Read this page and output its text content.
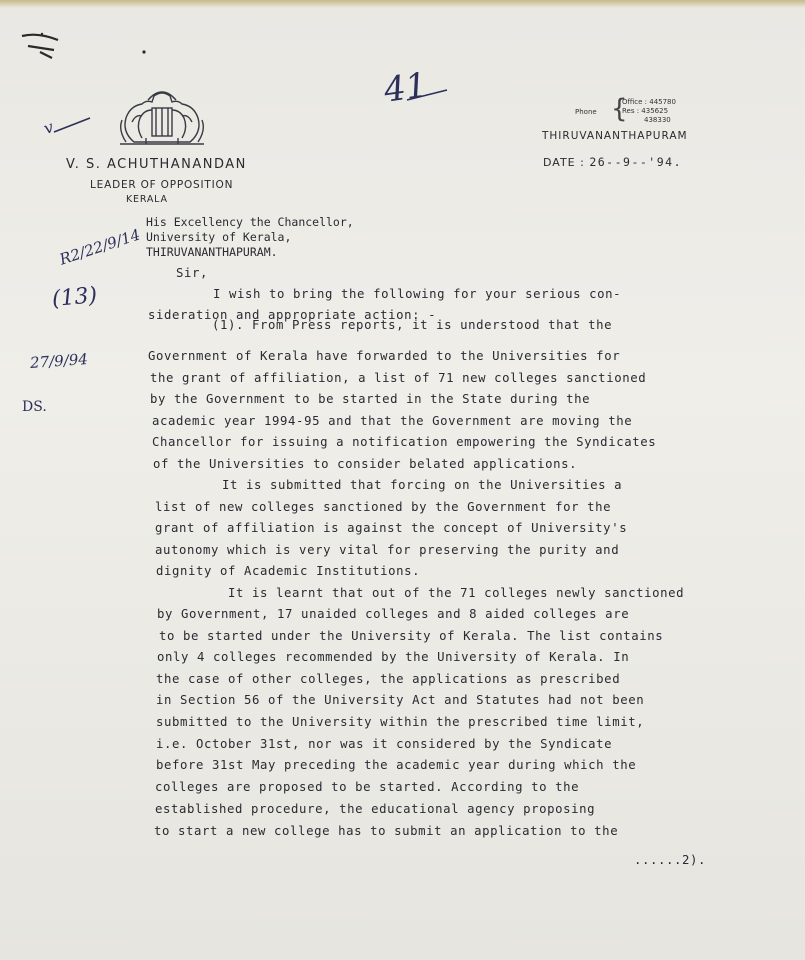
V. S. ACHUTHANANDAN
LEADER OF OPPOSITION
KERALA
Phone {
Office : 445780
Res : 435625
438330
THIRUVANANTHAPURAM
DATE : 26--9--'94.
41
v
R2/22/9/14
(13)
27/9/94
DS.
His Excellency the Chancellor,
University of Kerala,
THIRUVANANTHAPURAM.
Sir,
I wish to bring the following for your serious con-
sideration and appropriate action: -
(1). From Press reports, it is understood that the
Government of Kerala have forwarded to the Universities for
the grant of affiliation, a list of 71 new colleges sanctioned
by the Government to be started in the State during the
academic year 1994-95 and that the Government are moving the
Chancellor for issuing a notification empowering the Syndicates
of the Universities to consider belated applications.
It is submitted that forcing on the Universities a
list of new colleges sanctioned by the Government for the
grant of affiliation is against the concept of University's
autonomy which is very vital for preserving the purity and
dignity of Academic Institutions.
It is learnt that out of the 71 colleges newly sanctioned
by Government, 17 unaided colleges and 8 aided colleges are
to be started under the University of Kerala. The list contains
only 4 colleges recommended by the University of Kerala. In
the case of other colleges, the applications as prescribed
in Section 56 of the University Act and Statutes had not been
submitted to the University within the prescribed time limit,
i.e. October 31st, nor was it considered by the Syndicate
before 31st May preceding the academic year during which the
colleges are proposed to be started. According to the
established procedure, the educational agency proposing
to start a new college has to submit an application to the
......2).
